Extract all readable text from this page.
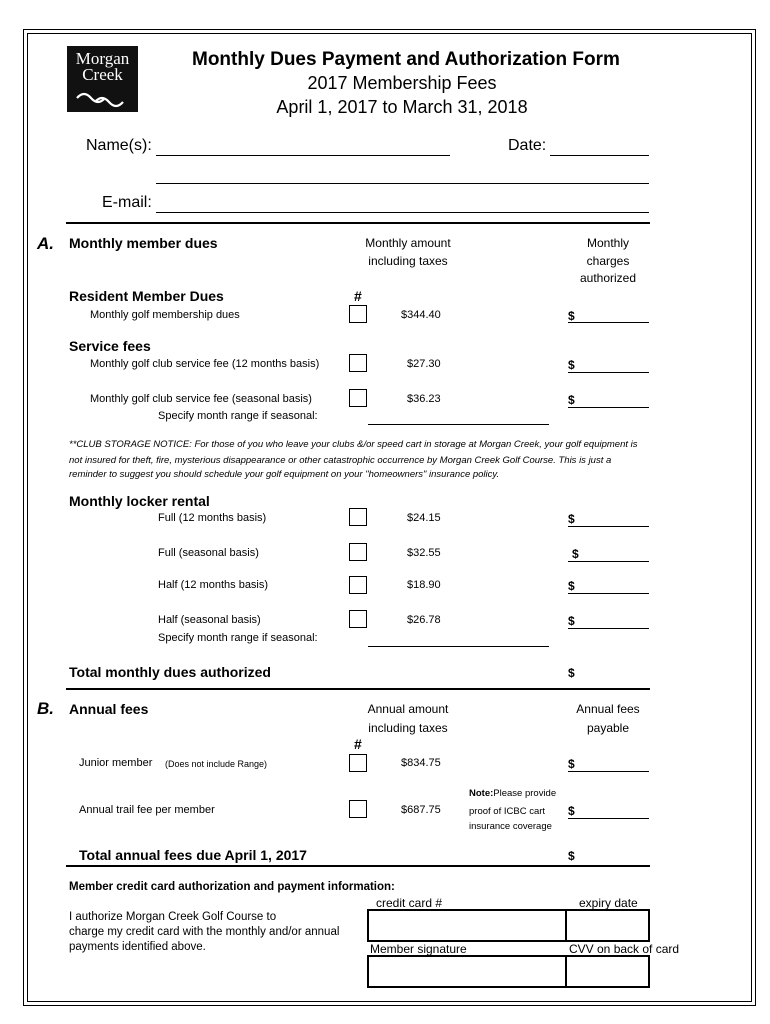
Morgan
Creek
Monthly Dues Payment and Authorization Form
2017 Membership Fees
April 1, 2017 to March 31, 2018
Name(s):	Date:
E-mail:
A. Monthly member dues	Monthly amount
including taxes
Monthly
charges
authorized
Resident Member Dues	#
Monthly golf membership dues	$344.40	$
Service fees
Monthly golf club service fee (12 months basis)	$27.30	$
Monthly golf club service fee (seasonal basis)	$36.23	$
Specify month range if seasonal:
**CLUB STORAGE NOTICE: For those of you who leave your clubs &/or speed cart in storage at Morgan Creek, your golf equipment is
not insured for theft, fire, mysterious disappearance or other catastrophic occurrence by Morgan Creek Golf Course. This is just a
reminder to suggest you should schedule your golf equipment on your "homeowners" insurance policy.
Monthly locker rental
Full (12 months basis)	$24.15	$
Full (seasonal basis)	$32.55	$
Half (12 months basis)	$18.90	$
Half (seasonal basis)	$26.78	$
Specify month range if seasonal:
Total monthly dues authorized	$
B. Annual fees	Annual amount
including taxes
Annual fees
payable
#
Junior member (Does not include Range)	$834.75	$
Note:Please provide
proof of ICBC cart
insurance coverage
Annual trail fee per member	$687.75	$
Total annual fees due April 1, 2017	$
Member credit card authorization and payment information:
credit card #	expiry date
I authorize Morgan Creek Golf Course to
charge my credit card with the monthly and/or annual
payments identified above.	Member signature	CVV on back of card
